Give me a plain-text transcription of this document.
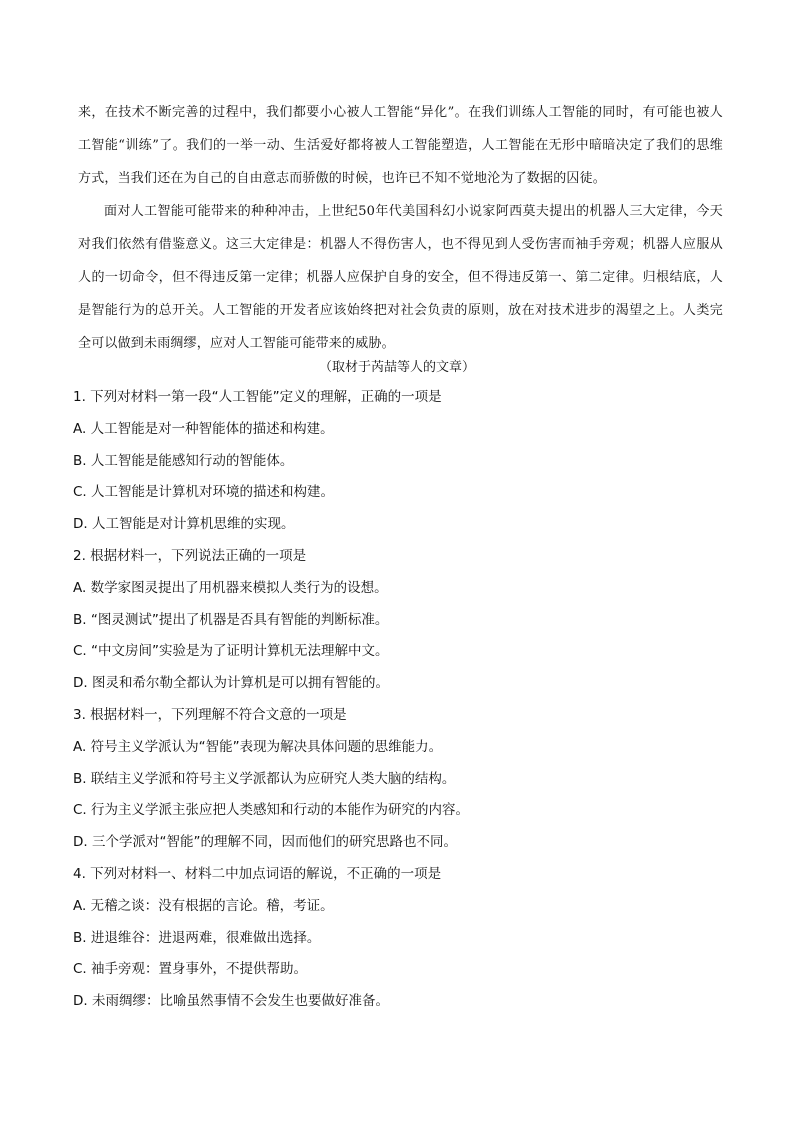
来，在技术不断完善的过程中，我们都要小心被人工智能“异化”。在我们训练人工智能的同时，有可能也被人工智能“训练”了。我们的一举一动、生活爱好都将被人工智能塑造，人工智能在无形中暗暗决定了我们的思维方式，当我们还在为自己的自由意志而骄傲的时候，也许已不知不觉地沦为了数据的囚徒。

面对人工智能可能带来的种种冲击，上世纪50年代美国科幻小说家阿西莫夫提出的机器人三大定律，今天对我们依然有借鉴意义。这三大定律是：机器人不得伤害人，也不得见到人受伤害而袖手旁观；机器人应服从人的一切命令，但不得违反第一定律；机器人应保护自身的安全，但不得违反第一、第二定律。归根结底，人是智能行为的总开关。人工智能的开发者应该始终把对社会负责的原则，放在对技术进步的渴望之上。人类完全可以做到未雨绸缪，应对人工智能可能带来的威胁。

（取材于芮喆等人的文章）
1. 下列对材料一第一段“人工智能”定义的理解，正确的一项是
A. 人工智能是对一种智能体的描述和构建。
B. 人工智能是能感知行动的智能体。
C. 人工智能是计算机对环境的描述和构建。
D. 人工智能是对计算机思维的实现。
2. 根据材料一，下列说法正确的一项是
A. 数学家图灵提出了用机器来模拟人类行为的设想。
B. “图灵测试”提出了机器是否具有智能的判断标准。
C. “中文房间”实验是为了证明计算机无法理解中文。
D. 图灵和希尔勒全都认为计算机是可以拥有智能的。
3. 根据材料一，下列理解不符合文意的一项是
A. 符号主义学派认为“智能”表现为解决具体问题的思维能力。
B. 联结主义学派和符号主义学派都认为应研究人类大脑的结构。
C. 行为主义学派主张应把人类感知和行动的本能作为研究的内容。
D. 三个学派对“智能”的理解不同，因而他们的研究思路也不同。
4. 下列对材料一、材料二中加点词语的解说，不正确的一项是
A. 无稽之谈：没有根据的言论。稽，考证。
B. 进退维谷：进退两难，很难做出选择。
C. 袖手旁观：置身事外，不提供帮助。
D. 未雨绸缪：比喻虽然事情不会发生也要做好准备。
